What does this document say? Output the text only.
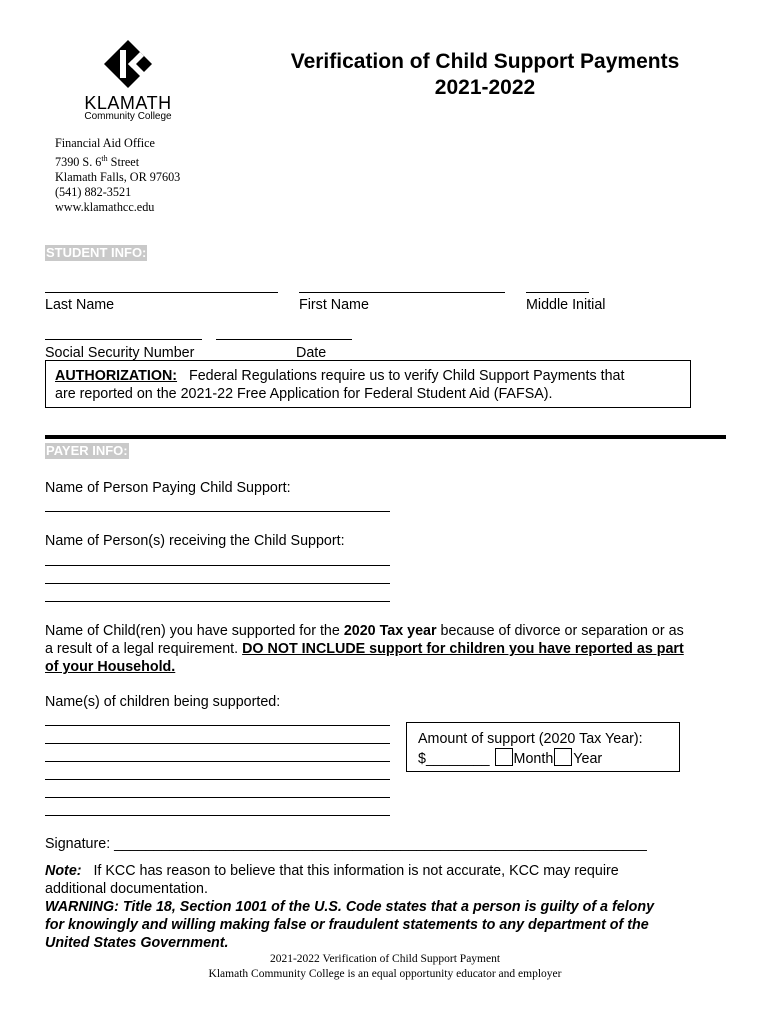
KLAMATH
Community College
Verification of Child Support Payments
2021-2022
Financial Aid Office
7390 S. 6th Street
Klamath Falls, OR 97603
(541) 882-3521
www.klamathcc.edu
STUDENT INFO:
Last Name	First Name	Middle Initial
Social Security Number	Date
AUTHORIZATION: Federal Regulations require us to verify Child Support Payments that
are reported on the 2021-22 Free Application for Federal Student Aid (FAFSA).
PAYER INFO:
Name of Person Paying Child Support:
Name of Person(s) receiving the Child Support:
Name of Child(ren) you have supported for the 2020 Tax year because of divorce or separation or as
a result of a legal requirement. DO NOT INCLUDE support for children you have reported as part
of your Household.
Name(s) of children being supported:
Amount of support (2020 Tax Year):
$________ Month Year
Signature: ___________________________________________________________________
Note: If KCC has reason to believe that this information is not accurate, KCC may require
additional documentation.
WARNING: Title 18, Section 1001 of the U.S. Code states that a person is guilty of a felony
for knowingly and willing making false or fraudulent statements to any department of the
United States Government.
2021-2022 Verification of Child Support Payment
Klamath Community College is an equal opportunity educator and employer
